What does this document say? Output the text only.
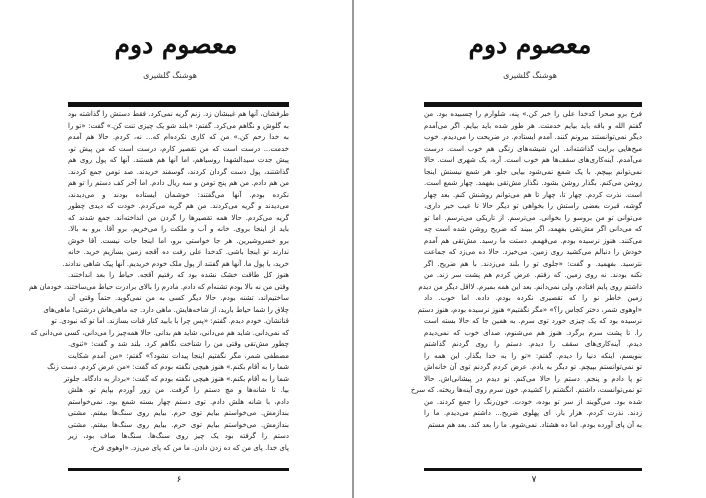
معصوم دوم
هوشنگ گلشیری
طرفشان، آنها هم غیبشان زد. زنم گریه نمی‌کرد. فقط دستش را گذاشته بود
به گلوش و نگاهم می‌کرد. گفتم: «بلند شو یک چیزی تنت کن.» گفت: «تو را
به خدا رحم کن.» من که کاری نکرده‌ام که... نه، کردم. حالا هم آمدم
خدمت... درست است که من تقصیر کارم، درست است که من پیش تو،
پیش جدت سیدالشهدا روسیاهم، اما آنها هم هستند. آنها که پول روی هم
گذاشتند، پول دست گردان کردند، گوسفند خریدند. صد تومن جمع کردند.
من هم دادم. من هم پنج تومن و سه ریال دادم. اما آخر کف دستم را تو هم
نکرده بودم. آنها می‌گفتند: خوشمان ایستاده بودند و می‌دیدند،
می‌دیدند و گریه می‌کردند. من هم گریه می‌کردم. خودت که دیدی چطور
گریه می‌کردم. حالا همه تقصیرها را گردن من انداخته‌اند. جمع شدند که
باید از اینجا بروی. خانه و آب و ملکت را می‌خریم، برو آقا. برو به بالا.
برو خسروشیرین. هر جا خواستی برو، اما اینجا جات نیست. آقا خوش
ندارند تو اینجا باشی. کدخدا علی رفت ده آقجه زمین بسازیم خرید. خانه
خرید، با پول ما. آنها هم گفتند از پول ملک خودم خریدیم. آنها پیک شاهی ندادند.
هنوز کل طاقت خشک نشده بود که رفتیم آقجه. حیاط را بعد انداختند.
وقتی من نه بالا بودم تشنه‌ام که دادم. مادرم را بالای برادرت حیاط می‌ساختند، خودمان هم
ساختیم‌اند، تشنه بودم. حالا دیگر کسی به من نمی‌گوید. حتماً وقتی آن
چلاق را شما حیاط بارید، از شاخه‌هایش. ماهی دارد. جه ماهی‌هاش درشتی! ماهی‌های
قناتشان. خودم دیدم. گفتم: «پس چرا با بابید کنار قنات بسازند. اما تو که نبودی. تو
که نمی‌دانی. شاید هم می‌دانی، شاید هم بدانی. حالا همه‌چیز را می‌دانی، کسی می‌دانی که
چطور مش‌تقی وقتی من را شناخت نگاهم کرد. بلند شد و گفت: «ثنوی.
مصطفی شمر، مگر نگفتیم اینجا پیدات نشود؟» گفتم: «من آمدم شکایت
شما را به آقام بکنم.» هنوز هیچی نگفته بودم که گفت: «من عرض کردم. دست زنگ
شما را به آقام بکنم.» هنوز هیچی نگفته بودم که گفت: «بردار به دادگاه. جلوتر
بیا. تا شانه‌ها و مچ دستم را گرفت. من زور آوردم بپایم تو. هلش
دادم، با شانه هلش دادم. توی دستم چهار بسته شمع بود. نمی‌خواستم
بندازمش. می‌خواستم بیایم توی حرم. بیایم روی سنگ‌ها بیفتم. مشتی
بندازمش. می‌خواستم بیایم توی حرم. بیایم روی سنگ‌ها بیفتم. مشتی
دستم را گرفته بود یک چیز روی سنگ‌ها. سنگ‌ها صاف بود، زیر
پای خدا. پای من که ده زدن دادن. ما من که پای می‌زد. «اوهوی فرخ،
۶
معصوم دوم
هوشنگ گلشیری
فرخ برو صحرا کدخدا علی را خبر کن.» پنه، شلوارم را چسبیده بود. من
گفتم الله و باقه باید بیایم خدمتت. هر طور شده باید بیایم. اگر می‌آمدم
دیگر نمی‌توانستند بیرونم کنند. آمدم ایستادم. در ضریحت را می‌دیدم. خوب
میخ‌هایی برایت گذاشته‌اند. این شیشه‌های رنگی هم خوب است. درست
می‌آمدم. آینه‌کاری‌های سقف‌ها هم خوب است. آره، یک شهری است. حالا
نمی‌توانم بپیچم. با یک شمع نمی‌شود بیایی جلو. هر شمع نیستش اینجا
روشن می‌کنم. بگذار روشن بشود. نگذار مش‌تقی بفهمد. چهار شمع است.
است. نذرت کردم. چهار تا، چهار تا هم می‌توانم روشنش کنم. بعد چهار
گوشه، قبرت بعضی راستش را بخواهی تو دیگر حالا تا عیب خبر داری،
می‌توانی تو من بروسو را بخوانی. می‌ترسم. از تاریکی می‌ترسم. اما تو
که می‌دانی اگر مش‌تقی بفهمد، اگر ببیند که ضریح روشن شده است چه
می‌کنند. هنوز نرسیده بودم. می‌فهمم. دستت ما رسید. مش‌تقی هم آمدم
خودش را دنبالم می‌کشید روی زمین. می‌خیزد. حالا ده می‌زد که جماعت
نترسید. بفهمید. و گفت: «جلوی تو را بلند می‌زدند. با هم ضریح. اگر
نکنه بودند. نه روی زمین. که رفتم. عرض کردم هم پشت سر زند. من
داشتم روی پایم افتادم، ولی نمی‌دانم. بعد این همه بمیرم. لااقل دیگر من دیدم
زمین خاطر نو را که تقصیری نکرده بودم. داده. اما خوب. داد
«اوهوی شمر، دختر کجاس را؟» «مگر نگفتیم» هنوز نرسیده بودم، هنوز دستم
نرسیده بود که یک چیزی خورد توی سرم. به همین جا که حالا بسته است
را. تا پشت سرم برگرد. هنوز هم می‌شنوم، صدای خوب که نمی‌دیدم
دیدم. آینه‌کاری‌های سقف را دیدم. دستم را روی گردنم گذاشتم
بنویسم، اینکه دنیا را دیدم. گفتم: «تو را به خدا بگذار. این همه را
تو نمی‌توانستم بپیچم. تو دیگر به یادم. عرض کردم گردنم توی آن خانه‌اش
تو پا دادم و پنجم. دستم را حالا می‌کنم. تو دیدم در پیشانی‌اش. حالا
تو نمی‌توانست، داشتم. انگشتم را کشیدم. خون سرم روی آینه‌ها ریخته. که سرخ
شده بود. می‌گویند از سر تو بوده، خودت. خون‌رنگ را جمع کردند. من
زدند. نذرت کردم. هزار بار. ای پهلوی ضریح... داشتم می‌دیدم. ما را
به آن پای آورده بودم. اما ده هشتاد. نمی‌شوم. ما را بعد کند. بعد هم مستم
۷
